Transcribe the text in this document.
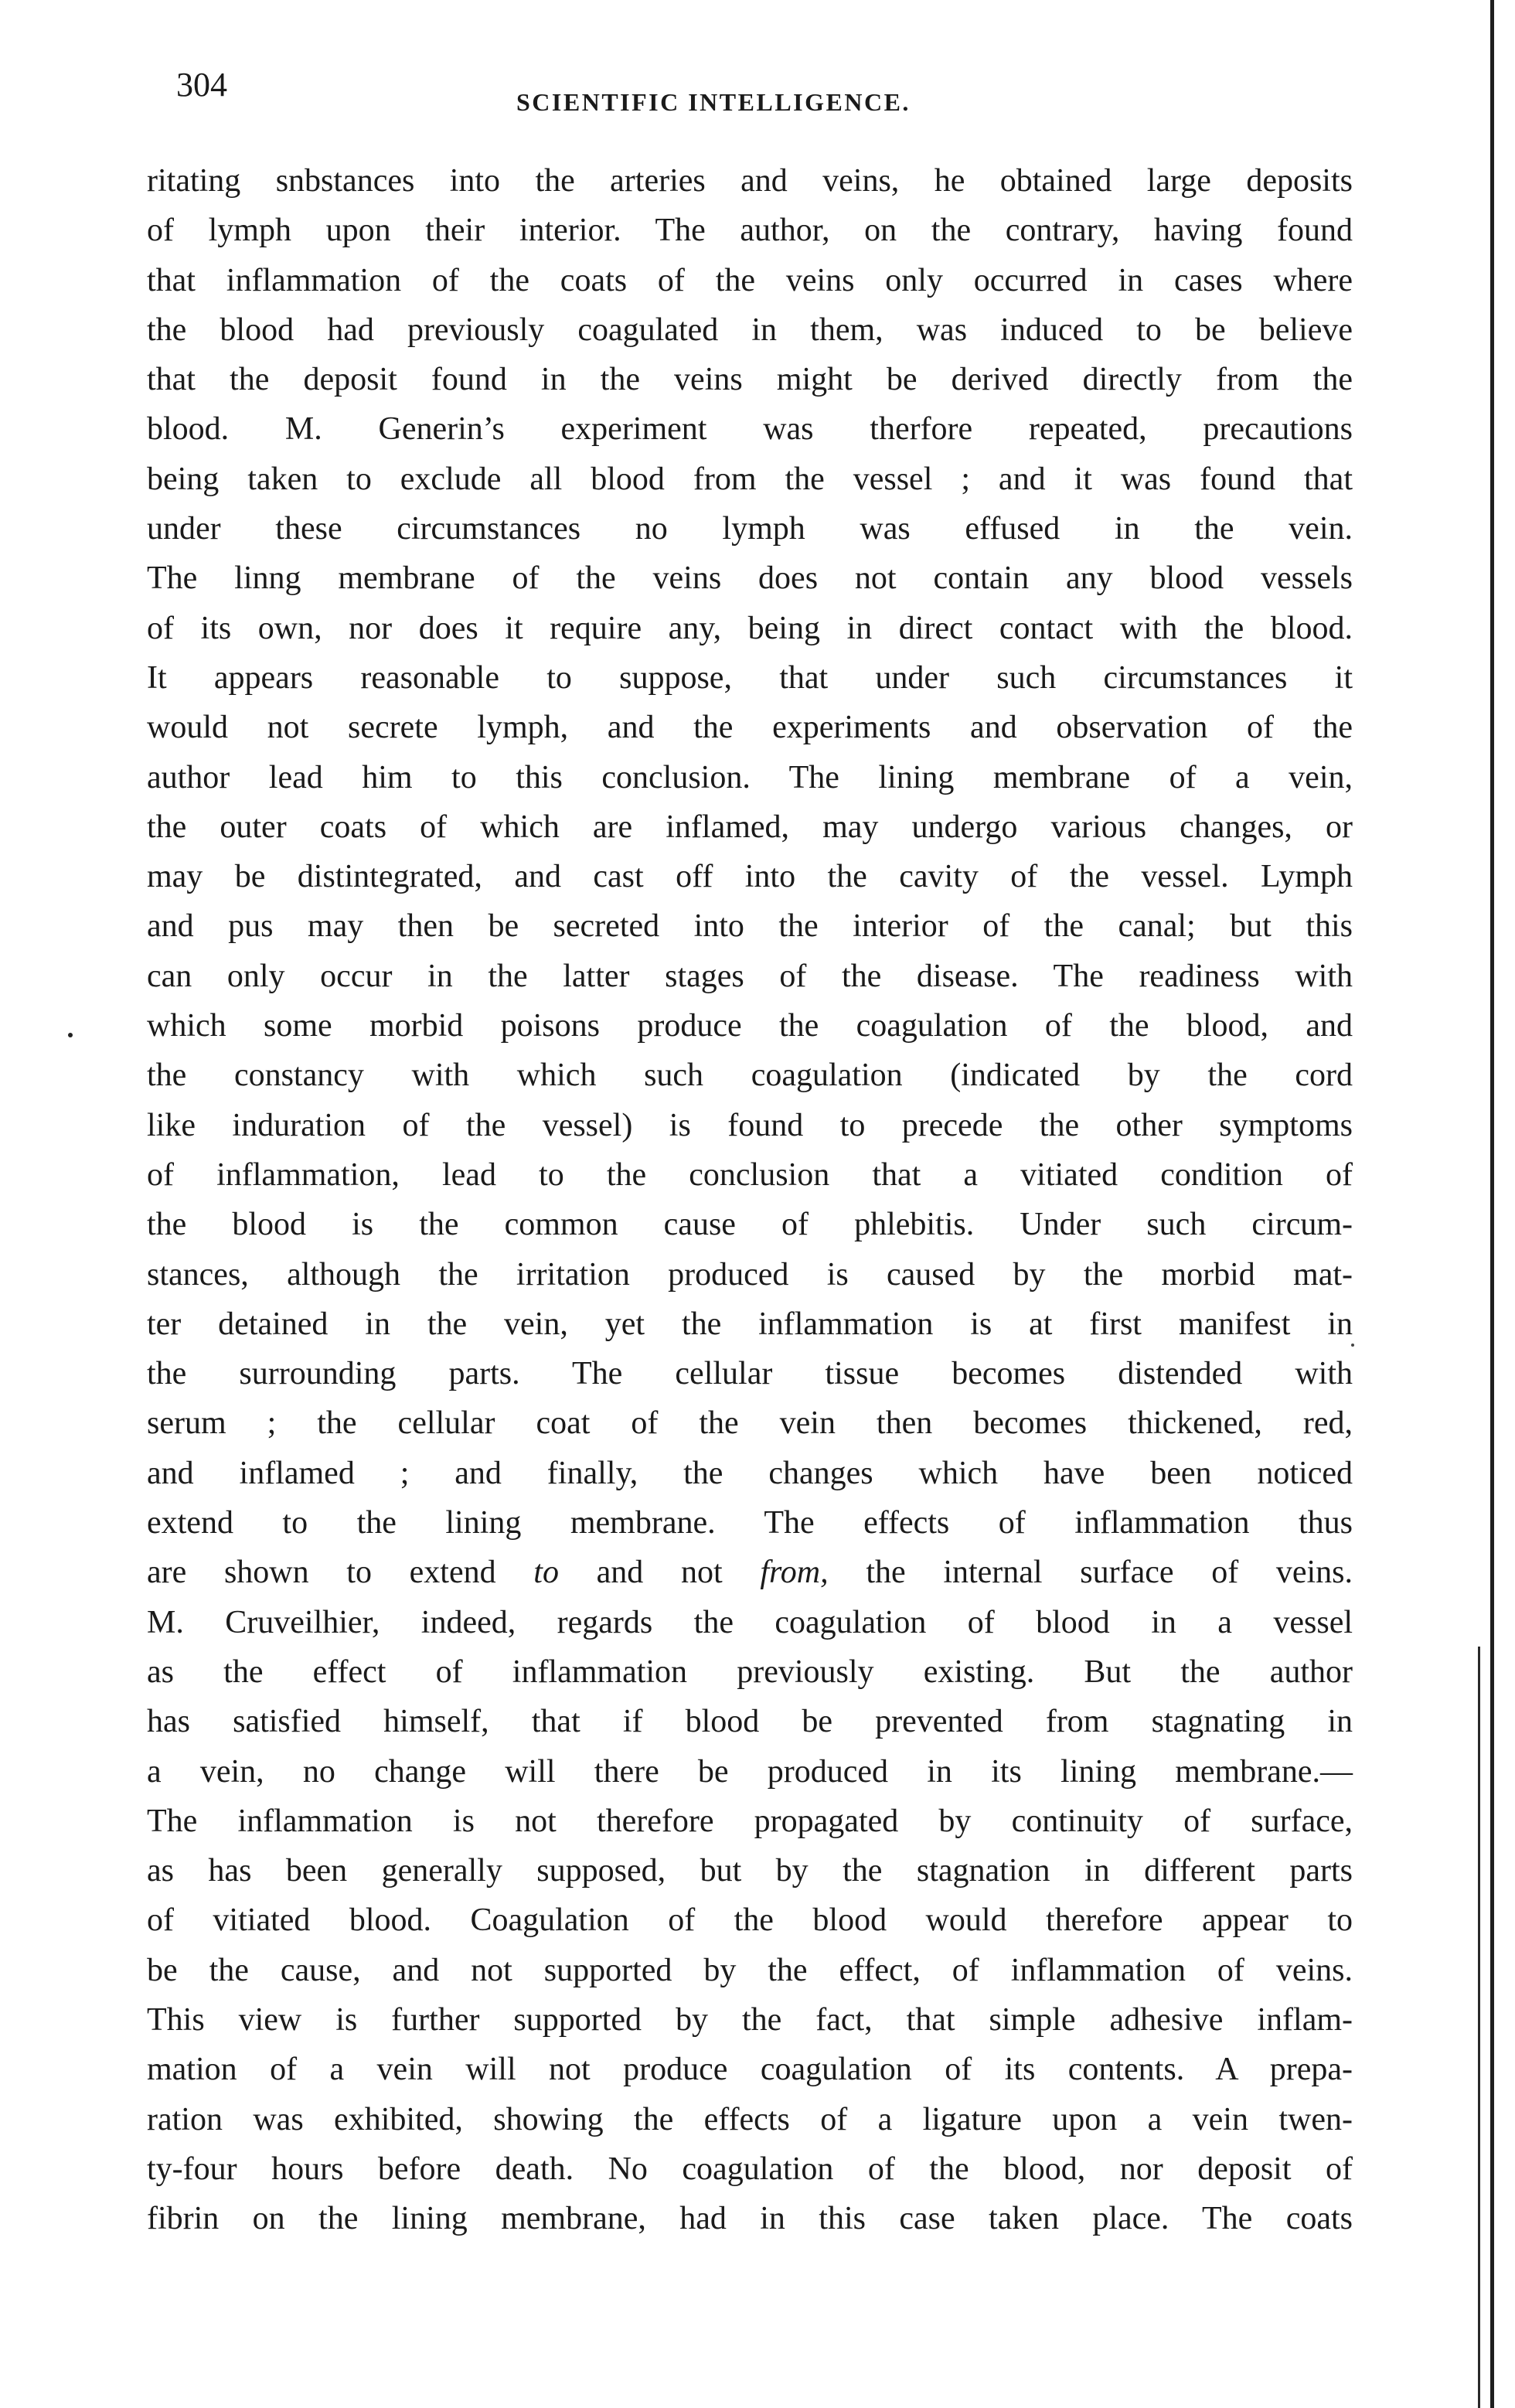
304	SCIENTIFIC INTELLIGENCE.

ritating snbstances into the arteries and veins, he obtained large deposits
of lymph upon their interior. The author, on the contrary, having found
that inflammation of the coats of the veins only occurred in cases where
the blood had previously coagulated in them, was induced to be believe
that the deposit found in the veins might be derived directly from the
blood. M. Generin’s experiment was therfore repeated, precautions
being taken to exclude all blood from the vessel ; and it was found that
under these circumstances no lymph was effused in the vein.
The linng membrane of the veins does not contain any blood vessels
of its own, nor does it require any, being in direct contact with the blood.
It appears reasonable to suppose, that under such circumstances it
would not secrete lymph, and the experiments and observation of the
author lead him to this conclusion. The lining membrane of a vein,
the outer coats of which are inflamed, may undergo various changes, or
may be distintegrated, and cast off into the cavity of the vessel. Lymph
and pus may then be secreted into the interior of the canal; but this
can only occur in the latter stages of the disease. The readiness with
which some morbid poisons produce the coagulation of the blood, and
the constancy with which such coagulation (indicated by the cord
like induration of the vessel) is found to precede the other symptoms
of inflammation, lead to the conclusion that a vitiated condition of
the blood is the common cause of phlebitis. Under such circum-
stances, although the irritation produced is caused by the morbid mat-
ter detained in the vein, yet the inflammation is at first manifest in
the surrounding parts. The cellular tissue becomes distended with
serum ; the cellular coat of the vein then becomes thickened, red,
and inflamed ; and finally, the changes which have been noticed
extend to the lining membrane. The effects of inflammation thus
are shown to extend to and not from, the internal surface of veins.
M. Cruveilhier, indeed, regards the coagulation of blood in a vessel
as the effect of inflammation previously existing. But the author
has satisfied himself, that if blood be prevented from stagnating in
a vein, no change will there be produced in its lining membrane.—
The inflammation is not therefore propagated by continuity of surface,
as has been generally supposed, but by the stagnation in different parts
of vitiated blood. Coagulation of the blood would therefore appear to
be the cause, and not supported by the effect, of inflammation of veins.
This view is further supported by the fact, that simple adhesive inflam-
mation of a vein will not produce coagulation of its contents. A prepa-
ration was exhibited, showing the effects of a ligature upon a vein twen-
ty-four hours before death. No coagulation of the blood, nor deposit of
fibrin on the lining membrane, had in this case taken place. The coats
